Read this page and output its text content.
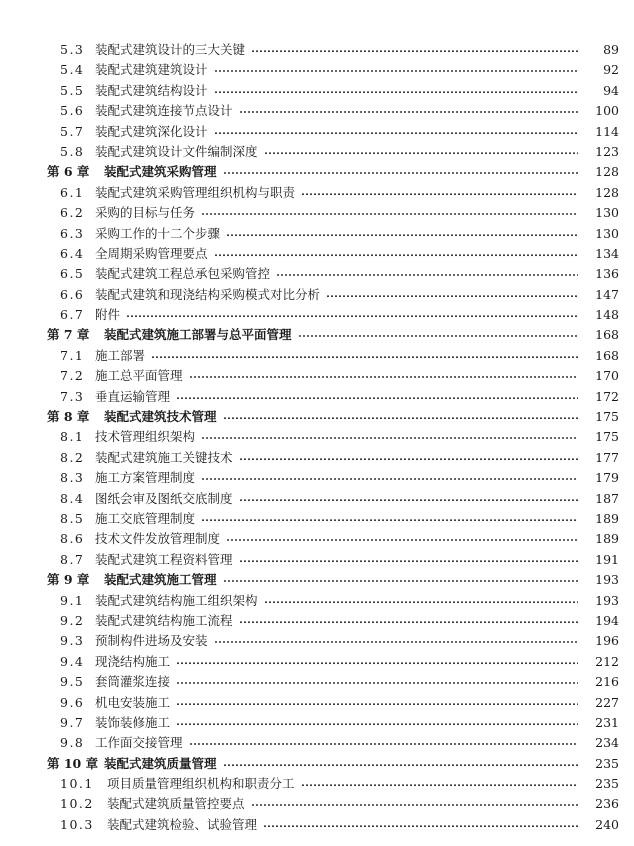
5.3 装配式建筑设计的三大关键	89
5.4 装配式建筑建筑设计	92
5.5 装配式建筑结构设计	94
5.6 装配式建筑连接节点设计	100
5.7 装配式建筑深化设计	114
5.8 装配式建筑设计文件编制深度	123
第 6 章 装配式建筑采购管理	128
6.1 装配式建筑采购管理组织机构与职责	128
6.2 采购的目标与任务	130
6.3 采购工作的十二个步骤	130
6.4 全周期采购管理要点	134
6.5 装配式建筑工程总承包采购管控	136
6.6 装配式建筑和现浇结构采购模式对比分析	147
6.7 附件	148
第 7 章 装配式建筑施工部署与总平面管理	168
7.1 施工部署	168
7.2 施工总平面管理	170
7.3 垂直运输管理	172
第 8 章 装配式建筑技术管理	175
8.1 技术管理组织架构	175
8.2 装配式建筑施工关键技术	177
8.3 施工方案管理制度	179
8.4 图纸会审及图纸交底制度	187
8.5 施工交底管理制度	189
8.6 技术文件发放管理制度	189
8.7 装配式建筑工程资料管理	191
第 9 章 装配式建筑施工管理	193
9.1 装配式建筑结构施工组织架构	193
9.2 装配式建筑结构施工流程	194
9.3 预制构件进场及安装	196
9.4 现浇结构施工	212
9.5 套筒灌浆连接	216
9.6 机电安装施工	227
9.7 装饰装修施工	231
9.8 工作面交接管理	234
第 10 章 装配式建筑质量管理	235
10.1 项目质量管理组织机构和职责分工	235
10.2 装配式建筑质量管控要点	236
10.3 装配式建筑检验、试验管理	240
